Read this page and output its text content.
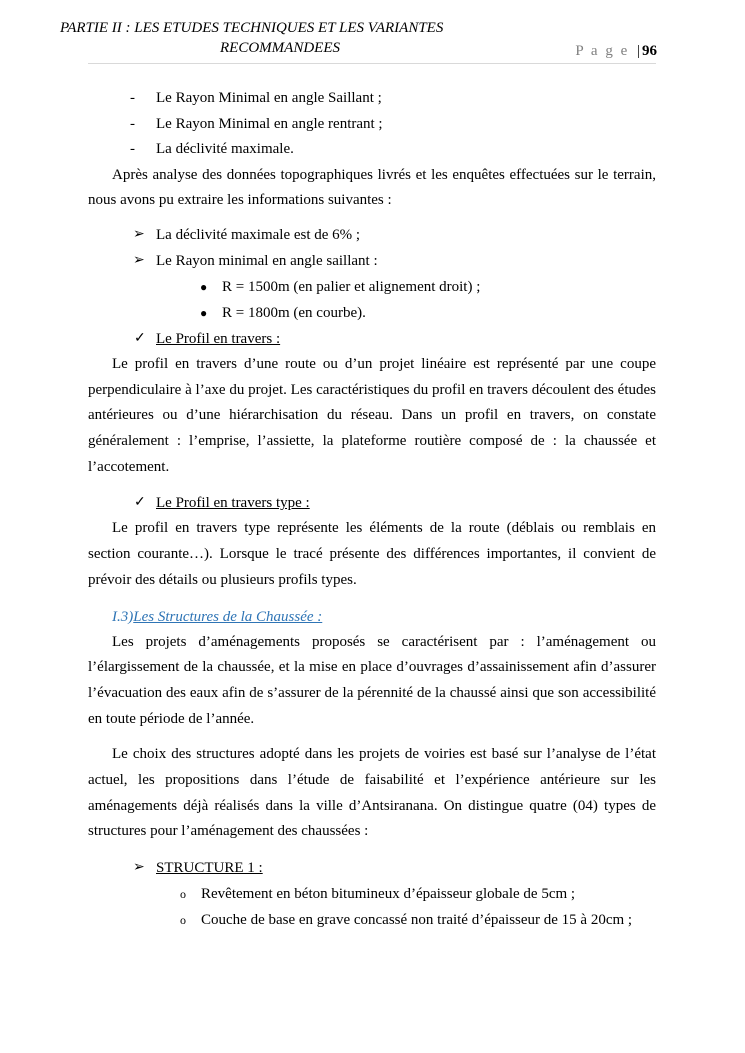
PARTIE II : LES ETUDES TECHNIQUES ET LES VARIANTES
RECOMMANDEES	P a g e | 96
- Le Rayon Minimal en angle Saillant ;
- Le Rayon Minimal en angle rentrant ;
- La déclivité maximale.

Après analyse des données topographiques livrés et les enquêtes effectuées sur le terrain, nous avons pu extraire les informations suivantes :

➢ La déclivité maximale est de 6% ;
➢ Le Rayon minimal en angle saillant :
● R = 1500m (en palier et alignement droit) ;
● R = 1800m (en courbe).
✓ Le Profil en travers :

Le profil en travers d’une route ou d’un projet linéaire est représenté par une coupe perpendiculaire à l’axe du projet. Les caractéristiques du profil en travers découlent des études antérieures ou d’une hiérarchisation du réseau. Dans un profil en travers, on constate généralement : l’emprise, l’assiette, la plateforme routière composé de : la chaussée et l’accotement.

✓ Le Profil en travers type :

Le profil en travers type représente les éléments de la route (déblais ou remblais en section courante…). Lorsque le tracé présente des différences importantes, il convient de prévoir des détails ou plusieurs profils types.

I.3)Les Structures de la Chaussée :

Les projets d’aménagements proposés se caractérisent par : l’aménagement ou l’élargissement de la chaussée, et la mise en place d’ouvrages d’assainissement afin d’assurer l’évacuation des eaux afin de s’assurer de la pérennité de la chaussé ainsi que son accessibilité en toute période de l’année.

Le choix des structures adopté dans les projets de voiries est basé sur l’analyse de l’état actuel, les propositions dans l’étude de faisabilité et l’expérience antérieure sur les aménagements déjà réalisés dans la ville d’Antsiranana. On distingue quatre (04) types de structures pour l’aménagement des chaussées :

➢ STRUCTURE 1 :
o Revêtement en béton bitumineux d’épaisseur globale de 5cm ;
o Couche de base en grave concassé non traité d’épaisseur de 15 à 20cm ;
